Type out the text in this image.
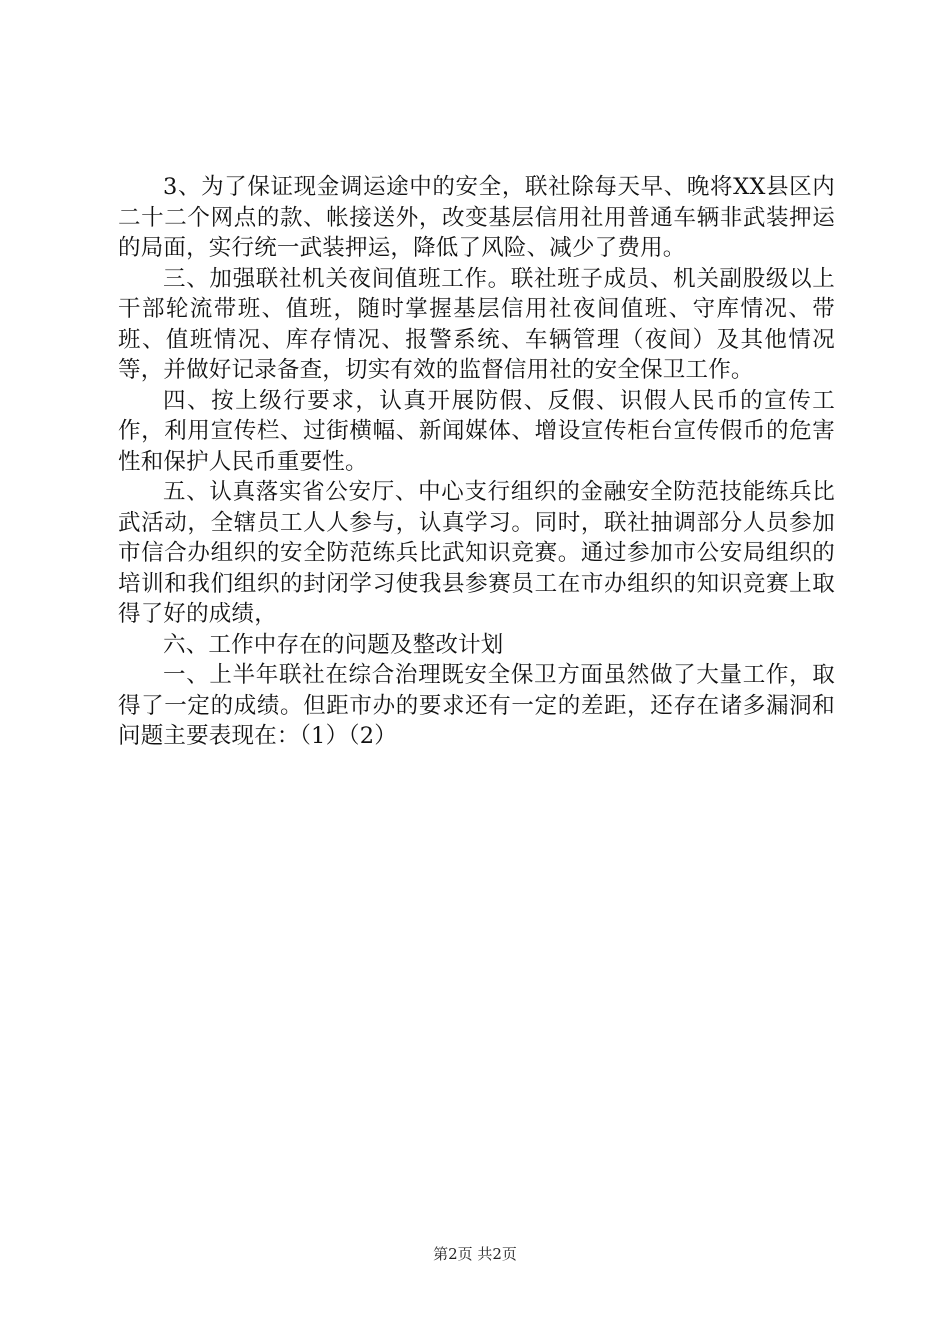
3、为了保证现金调运途中的安全，联社除每天早、晚将XX县区内二十二个网点的款、帐接送外，改变基层信用社用普通车辆非武装押运的局面，实行统一武装押运，降低了风险、减少了费用。

三、加强联社机关夜间值班工作。联社班子成员、机关副股级以上干部轮流带班、值班，随时掌握基层信用社夜间值班、守库情况、带班、值班情况、库存情况、报警系统、车辆管理（夜间）及其他情况等，并做好记录备查，切实有效的监督信用社的安全保卫工作。

四、按上级行要求，认真开展防假、反假、识假人民币的宣传工作，利用宣传栏、过街横幅、新闻媒体、增设宣传柜台宣传假币的危害性和保护人民币重要性。

五、认真落实省公安厅、中心支行组织的金融安全防范技能练兵比武活动，全辖员工人人参与，认真学习。同时，联社抽调部分人员参加市信合办组织的安全防范练兵比武知识竞赛。通过参加市公安局组织的培训和我们组织的封闭学习使我县参赛员工在市办组织的知识竞赛上取得了好的成绩，

六、工作中存在的问题及整改计划

一、上半年联社在综合治理既安全保卫方面虽然做了大量工作，取得了一定的成绩。但距市办的要求还有一定的差距，还存在诸多漏洞和问题主要表现在：（1）（2）

第2页 共2页
